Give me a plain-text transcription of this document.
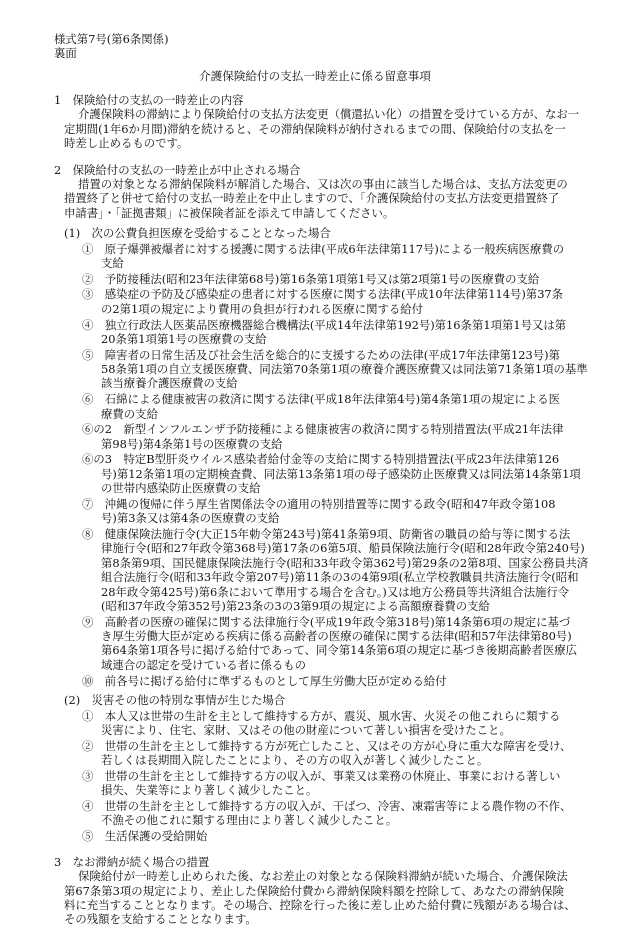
様式第7号(第6条関係)
裏面
介護保険給付の支払一時差止に係る留意事項
1　保険給付の支払の一時差止の内容
介護保険料の滞納により保険給付の支払方法変更（償還払い化）の措置を受けている方が、なお一
定期間(1年6か月間)滞納を続けると、その滞納保険料が納付されるまでの間、保険給付の支払を一
時差し止めるものです。
2　保険給付の支払の一時差止が中止される場合
措置の対象となる滞納保険料が解消した場合、又は次の事由に該当した場合は、支払方法変更の
措置終了と併せて給付の支払一時差止を中止しますので、「介護保険給付の支払方法変更措置終了
申請書」・「証拠書類」に被保険者証を添えて申請してください。
(1)　次の公費負担医療を受給することとなった場合
①　原子爆弾被爆者に対する援護に関する法律(平成6年法律第117号)による一般疾病医療費の
支給
②　予防接種法(昭和23年法律第68号)第16条第1項第1号又は第2項第1号の医療費の支給
③　感染症の予防及び感染症の患者に対する医療に関する法律(平成10年法律第114号)第37条
の2第1項の規定により費用の負担が行われる医療に関する給付
④　独立行政法人医薬品医療機器総合機構法(平成14年法律第192号)第16条第1項第1号又は第
20条第1項第1号の医療費の支給
⑤　障害者の日常生活及び社会生活を総合的に支援するための法律(平成17年法律第123号)第
58条第1項の自立支援医療費、同法第70条第1項の療養介護医療費又は同法第71条第1項の基準
該当療養介護医療費の支給
⑥　石綿による健康被害の救済に関する法律(平成18年法律第4号)第4条第1項の規定による医
療費の支給
⑥の2　新型インフルエンザ予防接種による健康被害の救済に関する特別措置法(平成21年法律
第98号)第4条第1号の医療費の支給
⑥の3　特定B型肝炎ウイルス感染者給付金等の支給に関する特別措置法(平成23年法律第126
号)第12条第1項の定期検査費、同法第13条第1項の母子感染防止医療費又は同法第14条第1項
の世帯内感染防止医療費の支給
⑦　沖縄の復帰に伴う厚生省関係法令の適用の特別措置等に関する政令(昭和47年政令第108
号)第3条又は第4条の医療費の支給
⑧　健康保険法施行令(大正15年勅令第243号)第41条第9項、防衛省の職員の給与等に関する法
律施行令(昭和27年政令第368号)第17条の6第5項、船員保険法施行令(昭和28年政令第240号)
第8条第9項、国民健康保険法施行令(昭和33年政令第362号)第29条の2第8項、国家公務員共済
組合法施行令(昭和33年政令第207号)第11条の3の4第9項(私立学校教職員共済法施行令(昭和
28年政令第425号)第6条において準用する場合を含む。)又は地方公務員等共済組合法施行令
(昭和37年政令第352号)第23条の3の3第9項の規定による高額療養費の支給
⑨　高齢者の医療の確保に関する法律施行令(平成19年政令第318号)第14条第6項の規定に基づ
き厚生労働大臣が定める疾病に係る高齢者の医療の確保に関する法律(昭和57年法律第80号)
第64条第1項各号に掲げる給付であって、同令第14条第6項の規定に基づき後期高齢者医療広
域連合の認定を受けている者に係るもの
⑩　前各号に掲げる給付に準ずるものとして厚生労働大臣が定める給付
(2)　災害その他の特別な事情が生じた場合
①　本人又は世帯の生計を主として維持する方が、震災、風水害、火災その他これらに類する
災害により、住宅、家財、又はその他の財産について著しい損害を受けたこと。
②　世帯の生計を主として維持する方が死亡したこと、又はその方が心身に重大な障害を受け、
若しくは長期間入院したことにより、その方の収入が著しく減少したこと。
③　世帯の生計を主として維持する方の収入が、事業又は業務の休廃止、事業における著しい
損失、失業等により著しく減少したこと。
④　世帯の生計を主として維持する方の収入が、干ばつ、冷害、凍霜害等による農作物の不作、
不漁その他これに類する理由により著しく減少したこと。
⑤　生活保護の受給開始
3　なお滞納が続く場合の措置
保険給付が一時差し止められた後、なお差止の対象となる保険料滞納が続いた場合、介護保険法
第67条第3項の規定により、差止した保険給付費から滞納保険料額を控除して、あなたの滞納保険
料に充当することとなります。その場合、控除を行った後に差し止めた給付費に残額がある場合は、
その残額を支給することとなります。
